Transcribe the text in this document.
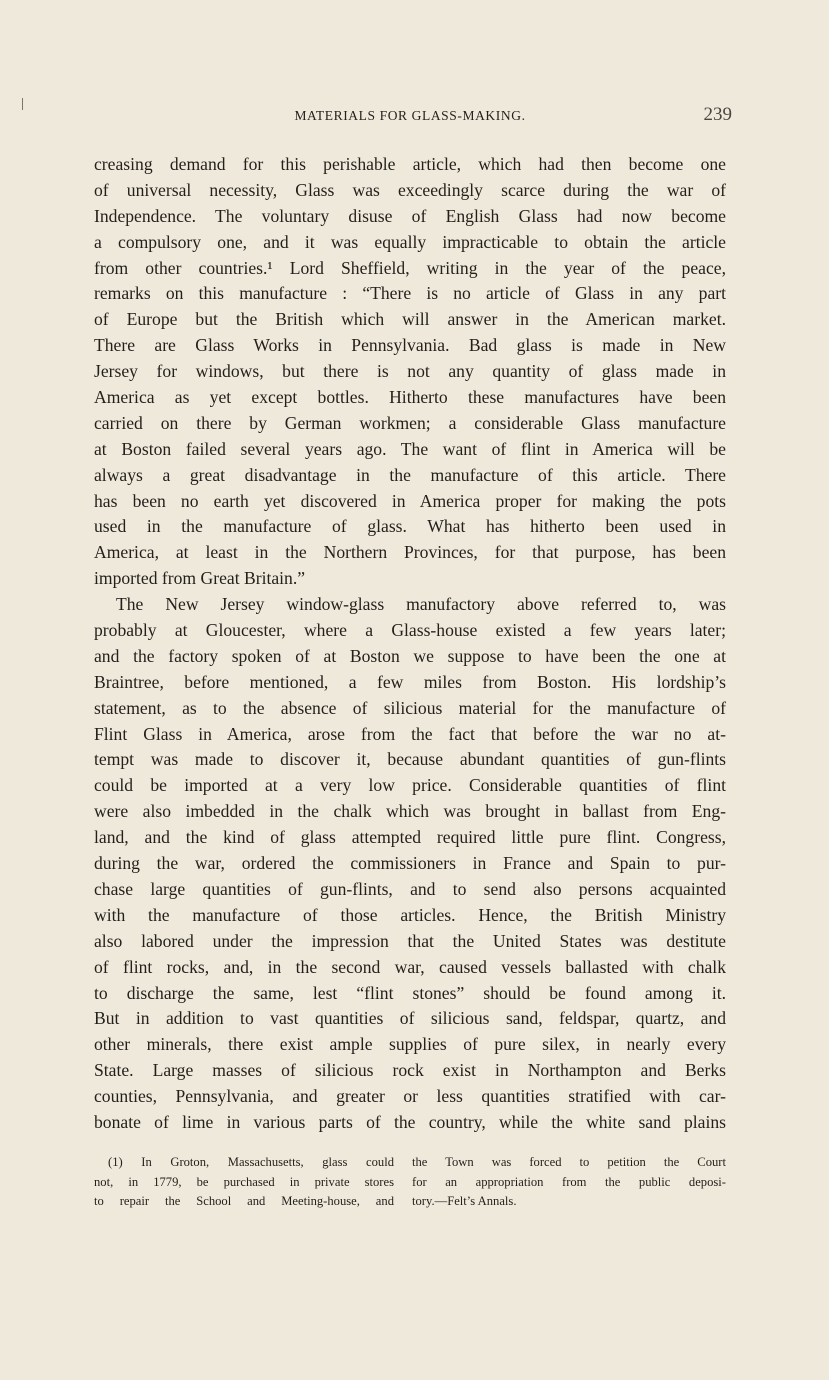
MATERIALS FOR GLASS-MAKING.	239
creasing demand for this perishable article, which had then become one
of universal necessity, Glass was exceedingly scarce during the war of
Independence. The voluntary disuse of English Glass had now become
a compulsory one, and it was equally impracticable to obtain the article
from other countries.¹ Lord Sheffield, writing in the year of the peace,
remarks on this manufacture : “There is no article of Glass in any part
of Europe but the British which will answer in the American market.
There are Glass Works in Pennsylvania. Bad glass is made in New
Jersey for windows, but there is not any quantity of glass made in
America as yet except bottles. Hitherto these manufactures have been
carried on there by German workmen; a considerable Glass manufacture
at Boston failed several years ago. The want of flint in America will be
always a great disadvantage in the manufacture of this article. There
has been no earth yet discovered in America proper for making the pots
used in the manufacture of glass. What has hitherto been used in
America, at least in the Northern Provinces, for that purpose, has been
imported from Great Britain.”
The New Jersey window-glass manufactory above referred to, was
probably at Gloucester, where a Glass-house existed a few years later;
and the factory spoken of at Boston we suppose to have been the one at
Braintree, before mentioned, a few miles from Boston. His lordship’s
statement, as to the absence of silicious material for the manufacture of
Flint Glass in America, arose from the fact that before the war no at-
tempt was made to discover it, because abundant quantities of gun-flints
could be imported at a very low price. Considerable quantities of flint
were also imbedded in the chalk which was brought in ballast from Eng-
land, and the kind of glass attempted required little pure flint. Congress,
during the war, ordered the commissioners in France and Spain to pur-
chase large quantities of gun-flints, and to send also persons acquainted
with the manufacture of those articles. Hence, the British Ministry
also labored under the impression that the United States was destitute
of flint rocks, and, in the second war, caused vessels ballasted with chalk
to discharge the same, lest “flint stones” should be found among it.
But in addition to vast quantities of silicious sand, feldspar, quartz, and
other minerals, there exist ample supplies of pure silex, in nearly every
State. Large masses of silicious rock exist in Northampton and Berks
counties, Pennsylvania, and greater or less quantities stratified with car-
bonate of lime in various parts of the country, while the white sand plains
(1) In Groton, Massachusetts, glass could
not, in 1779, be purchased in private stores
to repair the School and Meeting-house, and
the Town was forced to petition the Court
for an appropriation from the public deposi-
tory.—Felt’s Annals.
